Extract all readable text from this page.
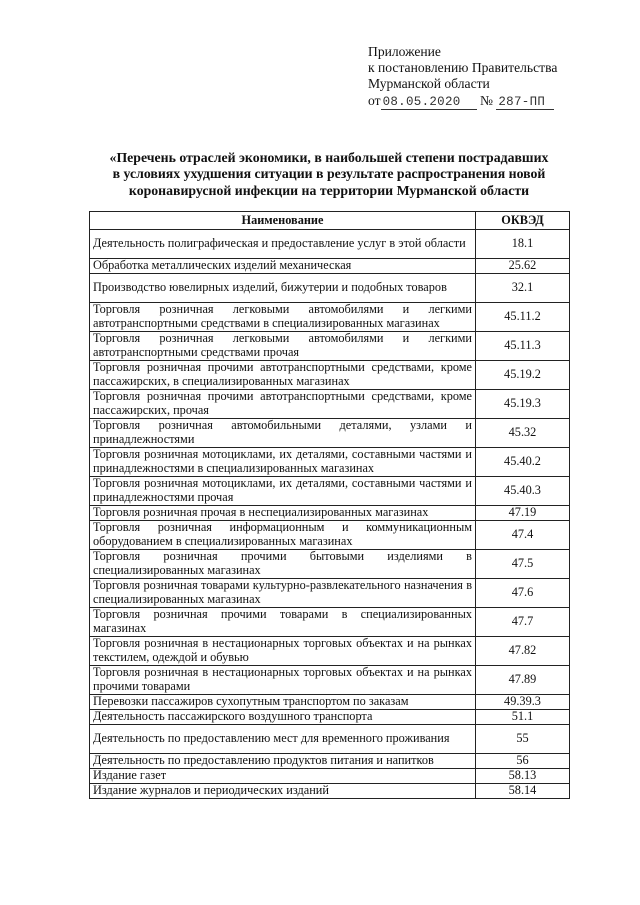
Приложение
к постановлению Правительства
Мурманской области
от 08.05.2020 № 287-ПП
«Перечень отраслей экономики, в наибольшей степени пострадавших
в условиях ухудшения ситуации в результате распространения новой
коронавирусной инфекции на территории Мурманской области
Наименование	ОКВЭД
Деятельность полиграфическая и предоставление услуг в этой области	18.1
Обработка металлических изделий механическая	25.62
Производство ювелирных изделий, бижутерии и подобных товаров	32.1
Торговля розничная легковыми автомобилями и легкими автотранспортными средствами в специализированных магазинах	45.11.2
Торговля розничная легковыми автомобилями и легкими автотранспортными средствами прочая	45.11.3
Торговля розничная прочими автотранспортными средствами, кроме пассажирских, в специализированных магазинах	45.19.2
Торговля розничная прочими автотранспортными средствами, кроме пассажирских, прочая	45.19.3
Торговля розничная автомобильными деталями, узлами и принадлежностями	45.32
Торговля розничная мотоциклами, их деталями, составными частями и принадлежностями в специализированных магазинах	45.40.2
Торговля розничная мотоциклами, их деталями, составными частями и принадлежностями прочая	45.40.3
Торговля розничная прочая в неспециализированных магазинах	47.19
Торговля розничная информационным и коммуникационным оборудованием в специализированных магазинах	47.4
Торговля розничная прочими бытовыми изделиями в специализированных магазинах	47.5
Торговля розничная товарами культурно-развлекательного назначения в специализированных магазинах	47.6
Торговля розничная прочими товарами в специализированных магазинах	47.7
Торговля розничная в нестационарных торговых объектах и на рынках текстилем, одеждой и обувью	47.82
Торговля розничная в нестационарных торговых объектах и на рынках прочими товарами	47.89
Перевозки пассажиров сухопутным транспортом по заказам	49.39.3
Деятельность пассажирского воздушного транспорта	51.1
Деятельность по предоставлению мест для временного проживания	55
Деятельность по предоставлению продуктов питания и напитков	56
Издание газет	58.13
Издание журналов и периодических изданий	58.14
